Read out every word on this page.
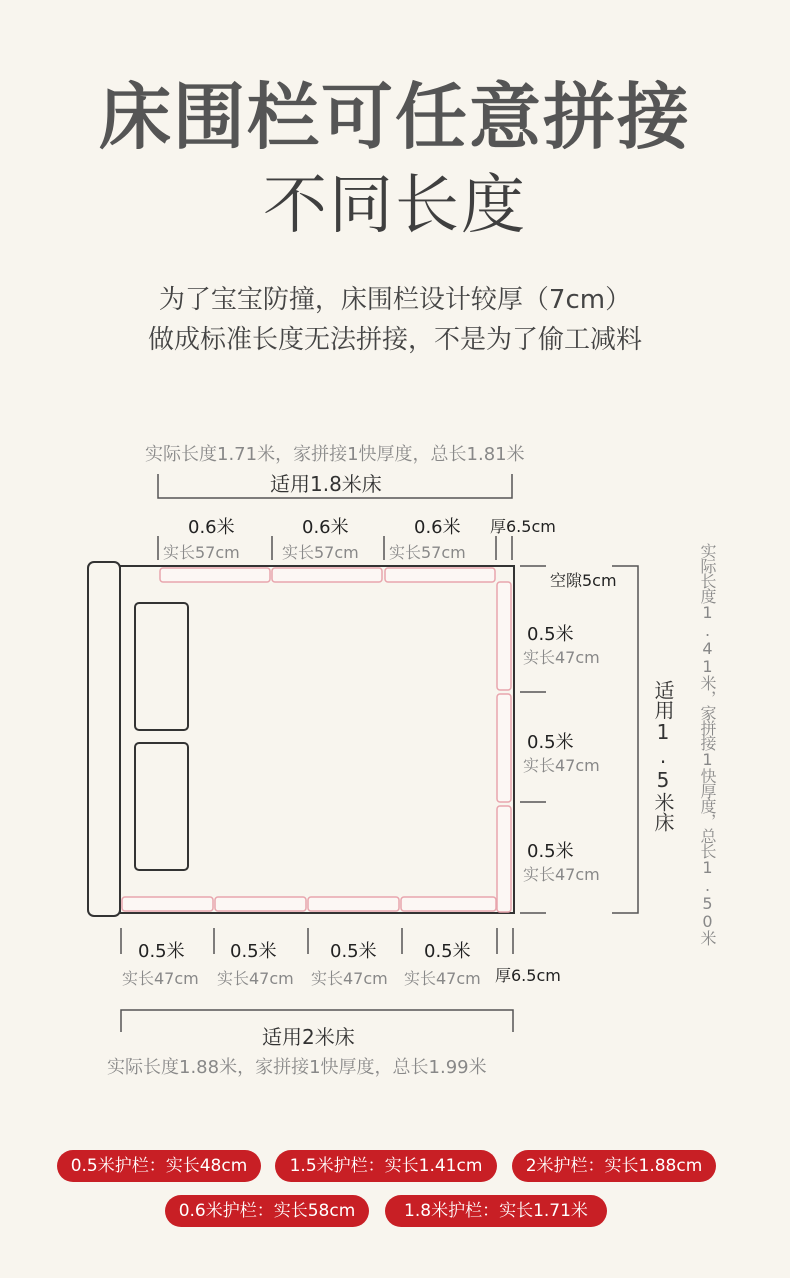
床围栏可任意拼接
不同长度
为了宝宝防撞，床围栏设计较厚（7cm）
做成标准长度无法拼接，不是为了偷工减料
实际长度1.71米，家拼接1快厚度，总长1.81米
适用1.8米床
0.6米
实长57cm
0.6米
实长57cm
0.6米
实长57cm
厚6.5cm
空隙5cm
0.5米
实长47cm
0.5米
实长47cm
0.5米
实长47cm
适用1.5米床 实际长度1.41米，家拼接1快厚度，总长1.50米
0.5米
实长47cm
0.5米
实长47cm
0.5米
实长47cm
0.5米
实长47cm 厚6.5cm
适用2米床
实际长度1.88米，家拼接1快厚度，总长1.99米
0.5米护栏：实长48cm	1.5米护栏：实长1.41cm	2米护栏：实长1.88cm
0.6米护栏：实长58cm	1.8米护栏：实长1.71米
